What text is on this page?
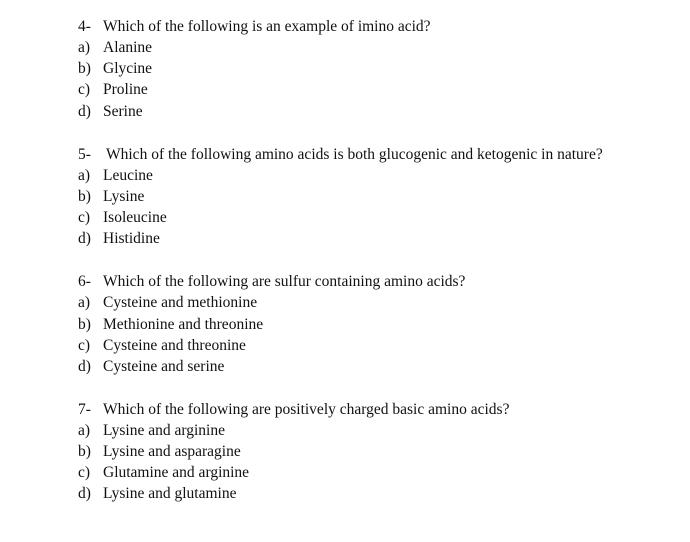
4- Which of the following is an example of imino acid?
a) Alanine
b) Glycine
c) Proline
d) Serine
5- Which of the following amino acids is both glucogenic and ketogenic in nature?
a) Leucine
b) Lysine
c) Isoleucine
d) Histidine
6- Which of the following are sulfur containing amino acids?
a) Cysteine and methionine
b) Methionine and threonine
c) Cysteine and threonine
d) Cysteine and serine
7- Which of the following are positively charged basic amino acids?
a) Lysine and arginine
b) Lysine and asparagine
c) Glutamine and arginine
d) Lysine and glutamine
